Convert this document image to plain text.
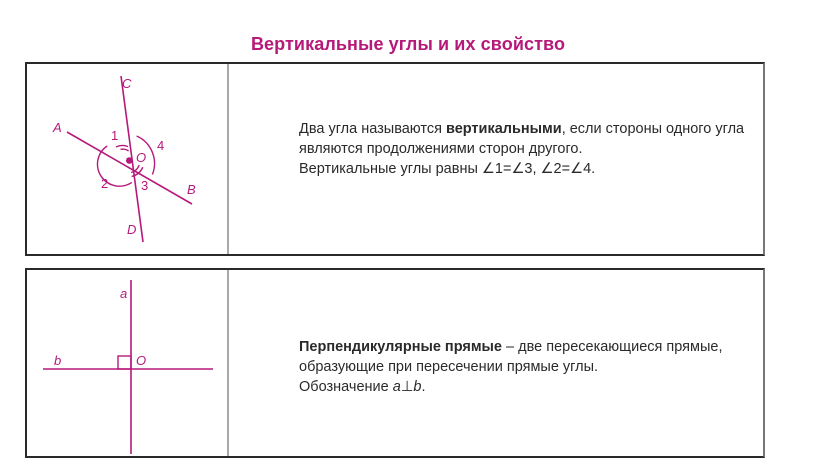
Вертикальные углы и их свойство
A
B
C
D
O
1
2	3
4
Два угла называются вертикальными, если стороны одного угла являются продолжениями сторон другого.
Вертикальные углы равны ∠1=∠3, ∠2=∠4.
a
b	O
Перпендикулярные прямые – две пересекающиеся прямые, образующие при пересечении прямые углы.
Обозначение a⊥b.
